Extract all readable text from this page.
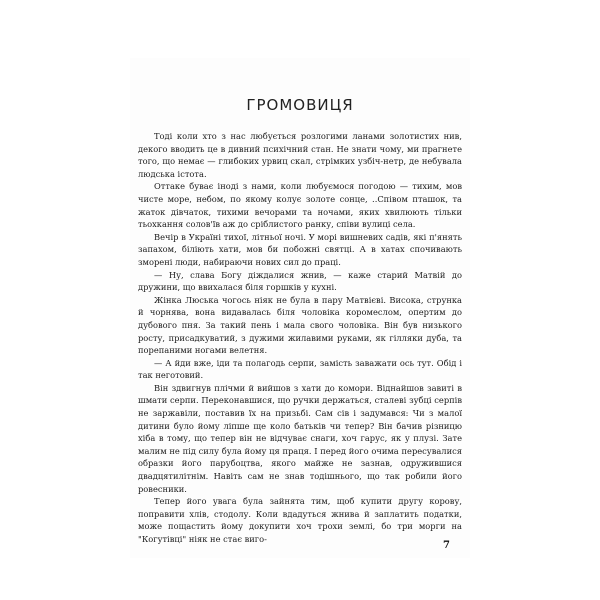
ГРОМОВИЦЯ

Тоді коли хто з нас любується розлогими ланами золотистих нив, декого вводить це в дивний психічний стан. Не знати чому, ми прагнете того, що немає — глибоких урвиц скал, стрімких узбіч-нетр, де небувала людська істота.

Оттаке буває іноді з нами, коли любуємося погодою — тихим, мов чисте море, небом, по якому колує золоте сонце, ..Співом пташок, та жаток дівчаток, тихими вечорами та ночами, яких хвилюють тільки тьохкання солов'їв аж до сріблистого ранку, співи вулиці села.

Вечір в Україні тихої, літньої ночі. У морі вишневих садів, які п'янять запахом, біліють хати, мов би побожні святці. А в хатах спочивають зморені люди, набираючи нових сил до праці.

— Ну, слава Богу діждалися жнив, — каже старий Матвій до дружини, що ввихалася біля горшків у кухні.

Жінка Люська чогось ніяк не була в пару Матвієві. Висока, струнка й чорнява, вона видавалась біля чоловіка коромеслом, опертим до дубового пня. За такий пень і мала свого чоловіка. Він був низького росту, присадкуватий, з дужими жилавими руками, як гілляки дуба, та порепаними ногами велетня.

— А йди вже, іди та полагодь серпи, замість заважати ось тут. Обід і так неготовий.

Він здвигнув плічми й вийшов з хати до комори. Віднайшов завиті в шмати серпи. Переконавшися, що ручки держаться, сталеві зубці серпів не заржавіли, поставив їх на призьбі. Сам сів і задумався: Чи з малої дитини було йому ліпше ще коло батьків чи тепер? Він бачив різницю хіба в тому, що тепер він не відчуває снаги, хоч гарус, як у плузі. Зате малим не під силу була йому ця праця. І перед його очима пересувалися образки його парубоцтва, якого майже не зазнав, одружившися двадцятилітнім. Навіть сам не знав тодішнього, що так робили його ровесники.

Тепер його увага була зайнята тим, щоб купити другу корову, поправити хлів, стодолу. Коли вдадуться жнива й заплатить податки, може пощастить йому докупити хоч трохи землі, бо три морги на "Когутівці" ніяк не стає виго-

7
